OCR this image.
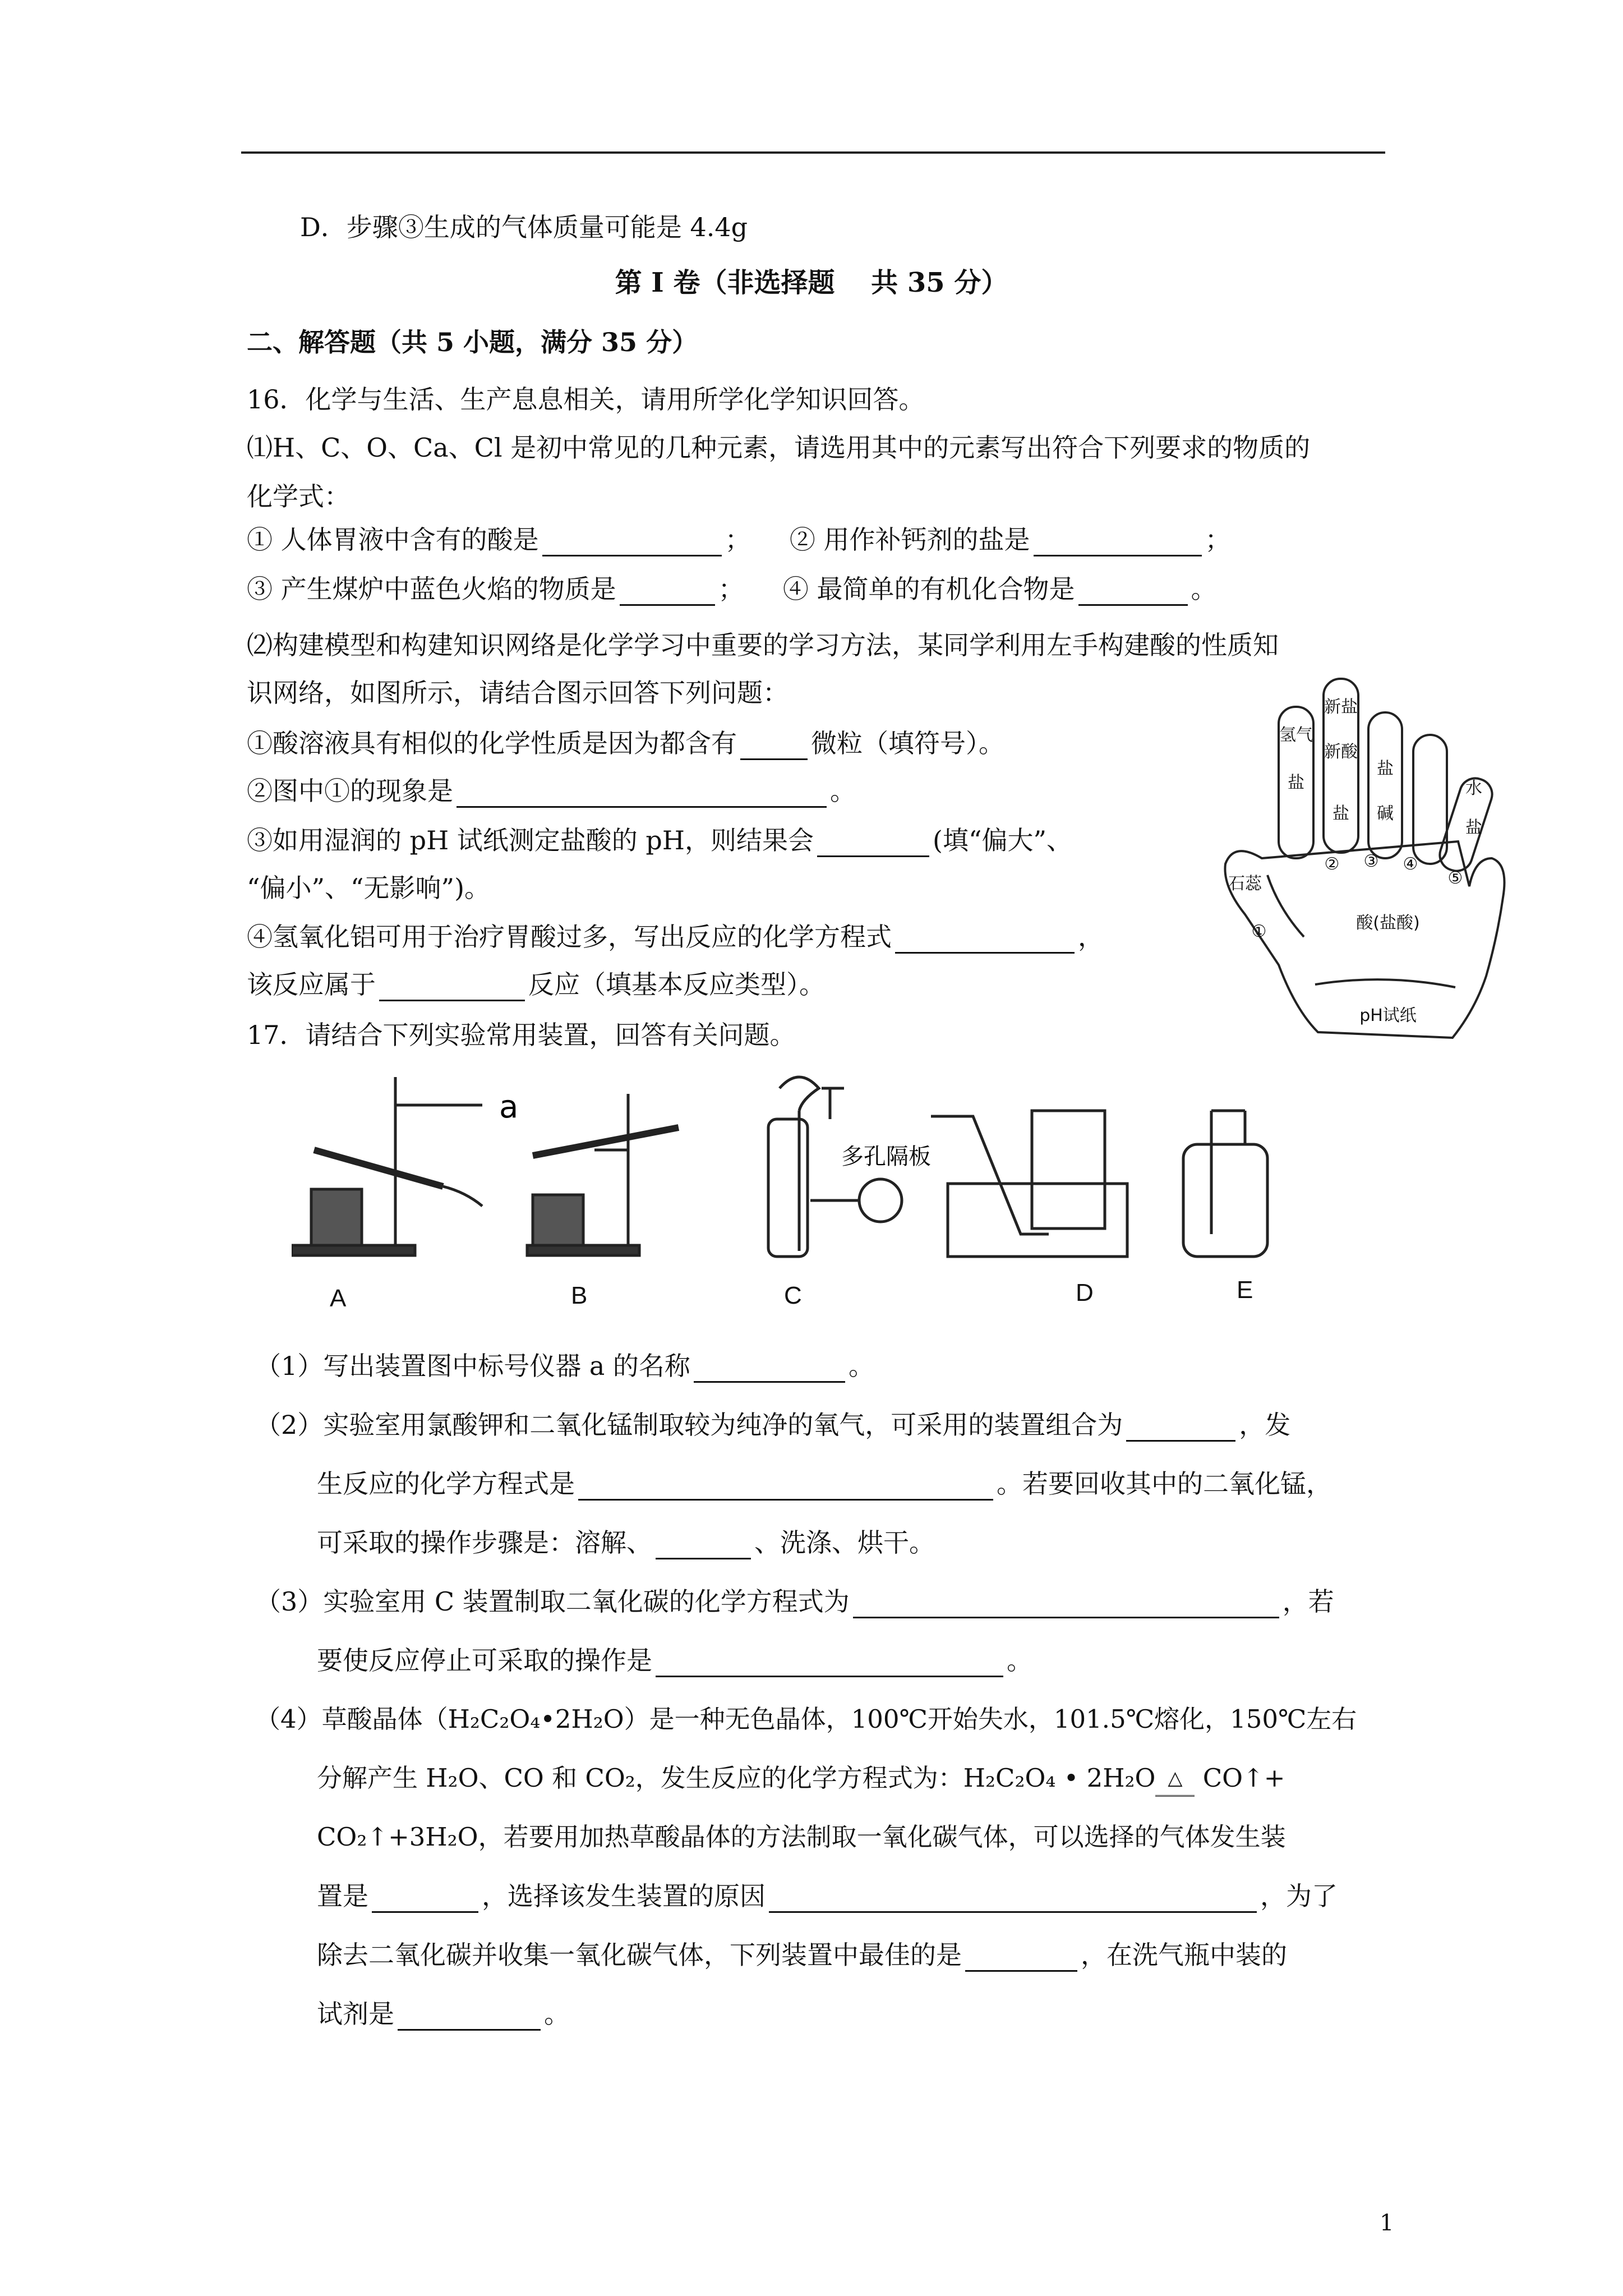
D．步骤③生成的气体质量可能是 4.4g
第 I 卷（非选择题　 共 35 分）
二、解答题（共 5 小题，满分 35 分）
16．化学与生活、生产息息相关，请用所学化学知识回答。
⑴H、C、O、Ca、Cl 是初中常见的几种元素，请选用其中的元素写出符合下列要求的物质的
化学式：
① 人体胃液中含有的酸是	； ② 用作补钙剂的盐是	；
③ 产生煤炉中蓝色火焰的物质是	； ④ 最简单的有机化合物是	。
⑵构建模型和构建知识网络是化学学习中重要的学习方法，某同学利用左手构建酸的性质知
识网络，如图所示，请结合图示回答下列问题：
①酸溶液具有相似的化学性质是因为都含有	微粒（填符号）。
②图中①的现象是	。
③如用湿润的 pH 试纸测定盐酸的 pH，则结果会	(填“偏大”、
“偏小”、“无影响”)。
④氢氧化铝可用于治疗胃酸过多，写出反应的化学方程式	，
该反应属于	反应（填基本反应类型）。
氢气
盐
新盐
新酸
盐
盐
碱
水
盐
石蕊
①
② ③ ④
⑤
酸(盐酸)
pH试纸
17．请结合下列实验常用装置，回答有关问题。
a
多孔隔板
A	B	C	D	E
（1）写出装置图中标号仪器 a 的名称	。
（2）实验室用氯酸钾和二氧化锰制取较为纯净的氧气，可采用的装置组合为	，发
生反应的化学方程式是	。若要回收其中的二氧化锰，
可采取的操作步骤是：溶解、	、洗涤、烘干。
（3）实验室用 C 装置制取二氧化碳的化学方程式为	，若
要使反应停止可采取的操作是	。
（4）草酸晶体（H₂C₂O₄•2H₂O）是一种无色晶体，100℃开始失水，101.5℃熔化，150℃左右
分解产生 H₂O、CO 和 CO₂，发生反应的化学方程式为：H₂C₂O₄ • 2H₂O △ CO↑+
CO₂↑+3H₂O，若要用加热草酸晶体的方法制取一氧化碳气体，可以选择的气体发生装
置是	，选择该发生装置的原因	，为了
除去二氧化碳并收集一氧化碳气体，下列装置中最佳的是	，在洗气瓶中装的
试剂是	。
1
